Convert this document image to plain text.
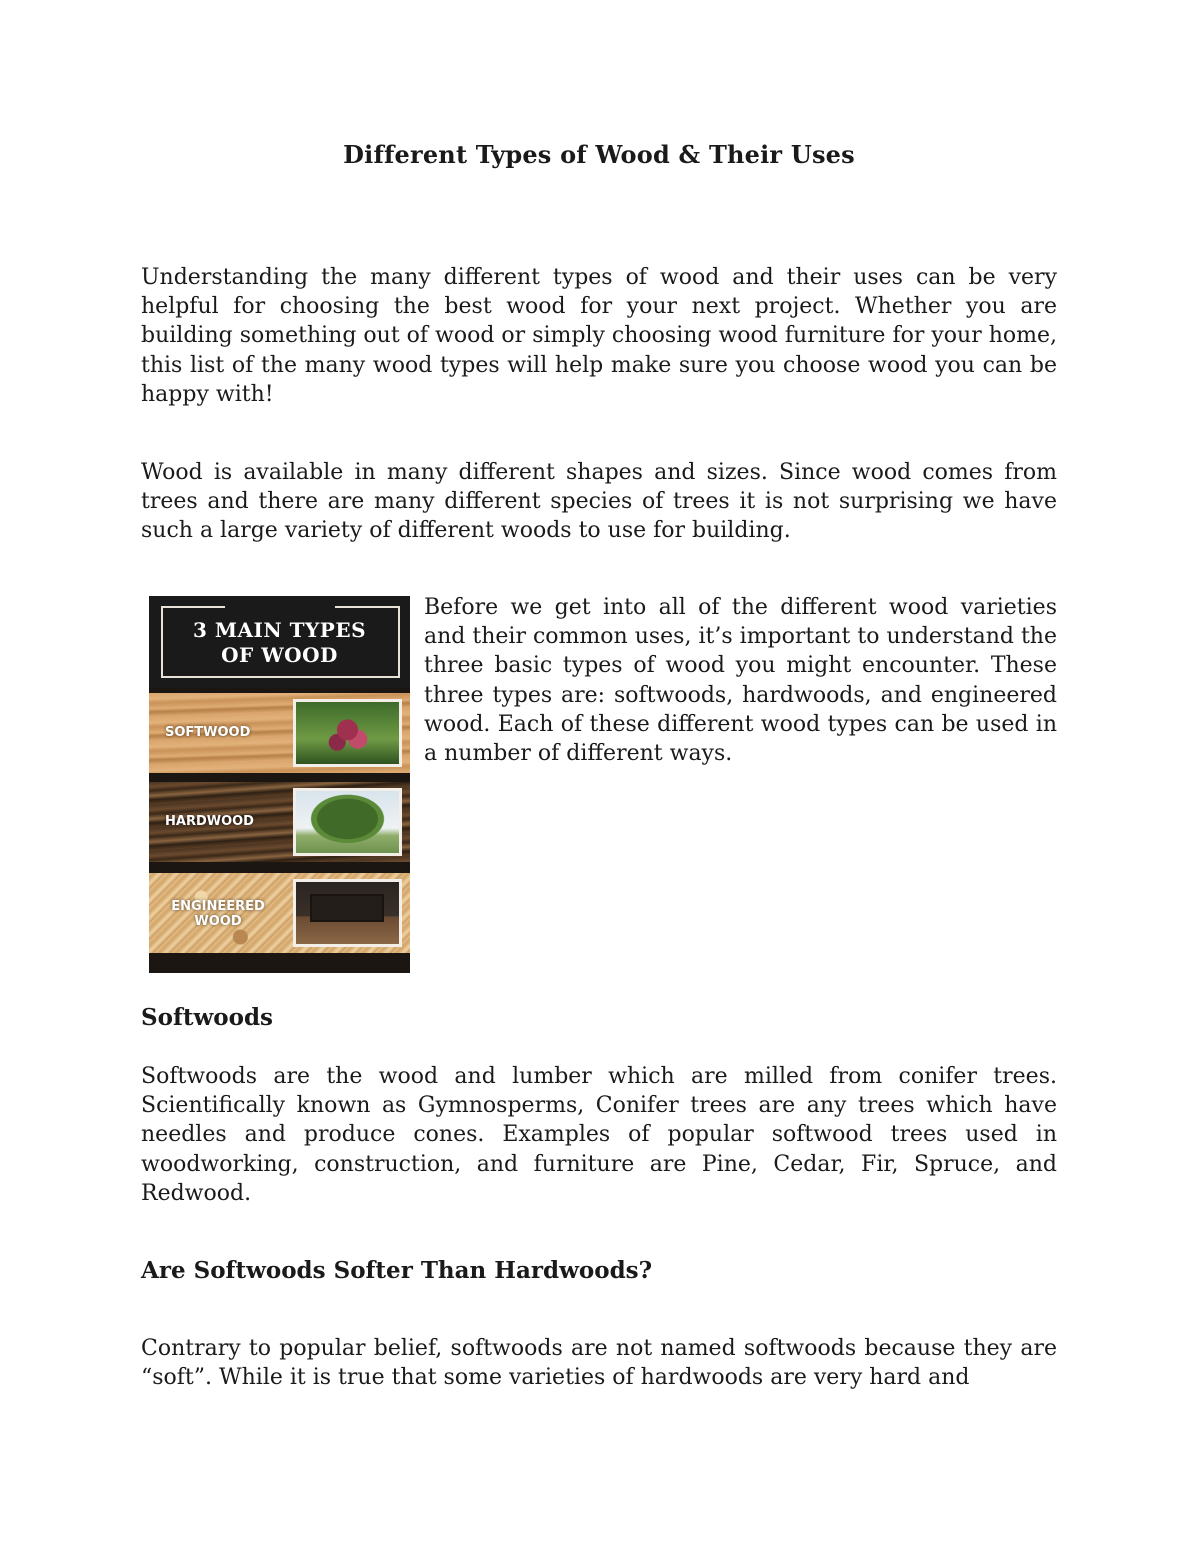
Different Types of Wood & Their Uses

Understanding the many different types of wood and their uses can be very helpful for choosing the best wood for your next project. Whether you are building something out of wood or simply choosing wood furniture for your home, this list of the many wood types will help make sure you choose wood you can be happy with!

Wood is available in many different shapes and sizes. Since wood comes from trees and there are many different species of trees it is not surprising we have such a large variety of different woods to use for building.

Before we get into all of the different wood varieties and their common uses, it’s important to understand the three basic types of wood you might encounter. These three types are: softwoods, hardwoods, and engineered wood. Each of these different wood types can be used in a number of different ways.

Softwoods

Softwoods are the wood and lumber which are milled from conifer trees. Scientifically known as Gymnosperms, Conifer trees are any trees which have needles and produce cones. Examples of popular softwood trees used in woodworking, construction, and furniture are Pine, Cedar, Fir, Spruce, and Redwood.

Are Softwoods Softer Than Hardwoods?

Contrary to popular belief, softwoods are not named softwoods because they are “soft”. While it is true that some varieties of hardwoods are very hard and

3 MAIN TYPES OF WOOD
SOFTWOOD
HARDWOOD
ENGINEERED WOOD
